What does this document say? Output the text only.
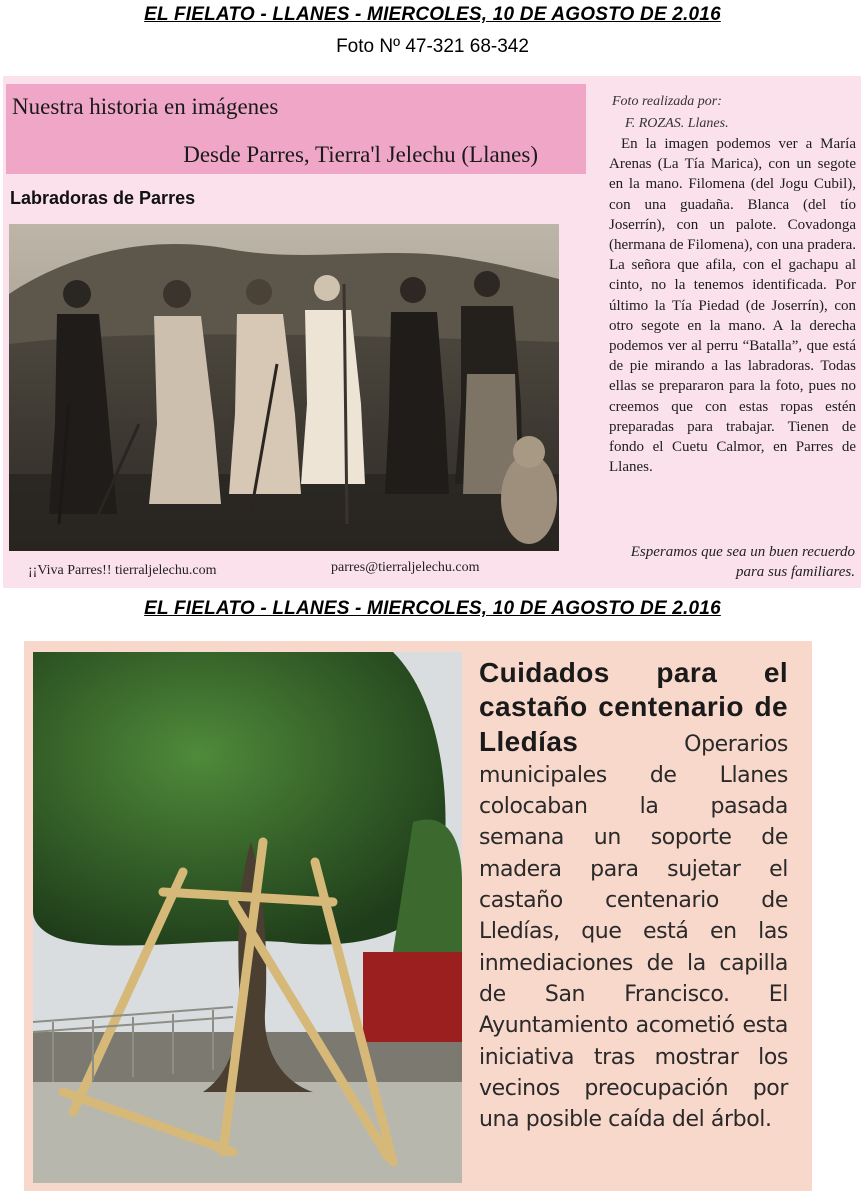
EL FIELATO - LLANES - MIERCOLES, 10 DE AGOSTO DE 2.016
Foto Nº 47-321 68-342
Nuestra historia en imágenes
Desde Parres, Tierra'l Jelechu (Llanes)
Labradoras de Parres
¡¡Viva Parres!! tierraljelechu.com	parres@tierraljelechu.com
Foto realizada por:
F. ROZAS. Llanes.

En la imagen podemos ver a María Arenas (La Tía Marica), con un segote en la mano. Filomena (del Jogu Cubil), con una guadaña. Blanca (del tío Joserrín), con un palote. Covadonga (hermana de Filomena), con una pradera. La señora que afila, con el gachapu al cinto, no la tenemos identificada. Por último la Tía Piedad (de Joserrín), con otro segote en la mano. A la derecha podemos ver al perru “Batalla”, que está de pie mirando a las labradoras. Todas ellas se prepararon para la foto, pues no creemos que con estas ropas estén preparadas para trabajar. Tienen de fondo el Cuetu Calmor, en Parres de Llanes.

Esperamos que sea un buen recuerdo para sus familiares.

EL FIELATO - LLANES - MIERCOLES, 10 DE AGOSTO DE 2.016

Cuidados para el castaño centenario de Lledías Operarios municipales de Llanes colocaban la pasada semana un soporte de madera para sujetar el castaño centenario de Lledías, que está en las inmediaciones de la capilla de San Francisco. El Ayuntamiento acometió esta iniciativa tras mostrar los vecinos preocupación por una posible caída del árbol.
